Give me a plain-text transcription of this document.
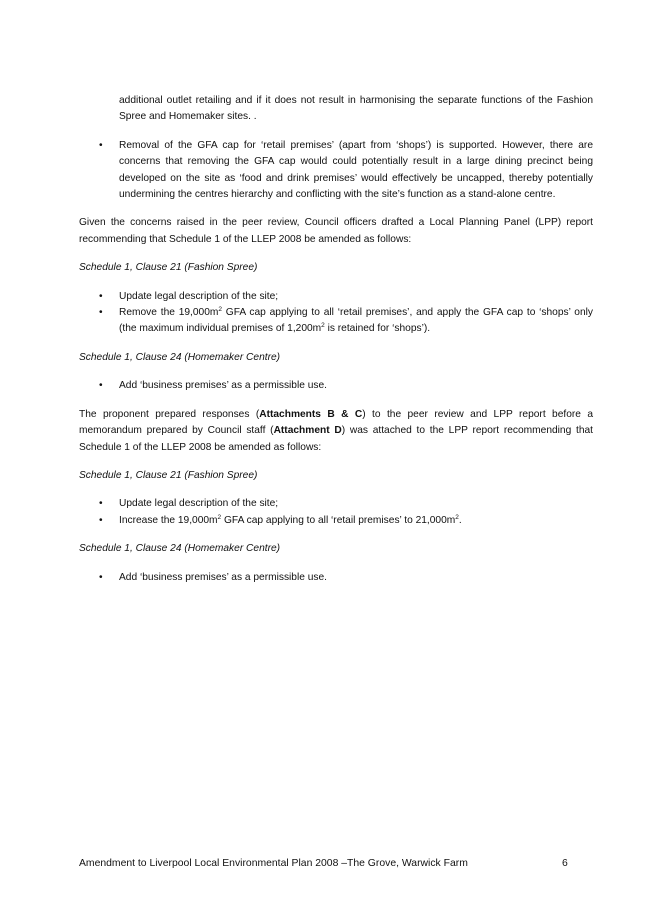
additional outlet retailing and if it does not result in harmonising the separate functions of the Fashion Spree and Homemaker sites. .

• Removal of the GFA cap for ‘retail premises’ (apart from ‘shops’) is supported. However, there are concerns that removing the GFA cap would could potentially result in a large dining precinct being developed on the site as ‘food and drink premises’ would effectively be uncapped, thereby potentially undermining the centres hierarchy and conflicting with the site’s function as a stand-alone centre.

Given the concerns raised in the peer review, Council officers drafted a Local Planning Panel (LPP) report recommending that Schedule 1 of the LLEP 2008 be amended as follows:

Schedule 1, Clause 21 (Fashion Spree)

• Update legal description of the site;
• Remove the $19,000m^2$ GFA cap applying to all ‘retail premises’, and apply the GFA cap to ‘shops’ only (the maximum individual premises of $1,200m^2$ is retained for ‘shops’).

Schedule 1, Clause 24 (Homemaker Centre)

• Add ‘business premises’ as a permissible use.

The proponent prepared responses (Attachments B & C) to the peer review and LPP report before a memorandum prepared by Council staff (Attachment D) was attached to the LPP report recommending that Schedule 1 of the LLEP 2008 be amended as follows:

Schedule 1, Clause 21 (Fashion Spree)

• Update legal description of the site;
• Increase the $19,000m^2$ GFA cap applying to all ‘retail premises’ to $21,000m^2$.

Schedule 1, Clause 24 (Homemaker Centre)

• Add ‘business premises’ as a permissible use.
Amendment to Liverpool Local Environmental Plan 2008 –The Grove, Warwick Farm	6
